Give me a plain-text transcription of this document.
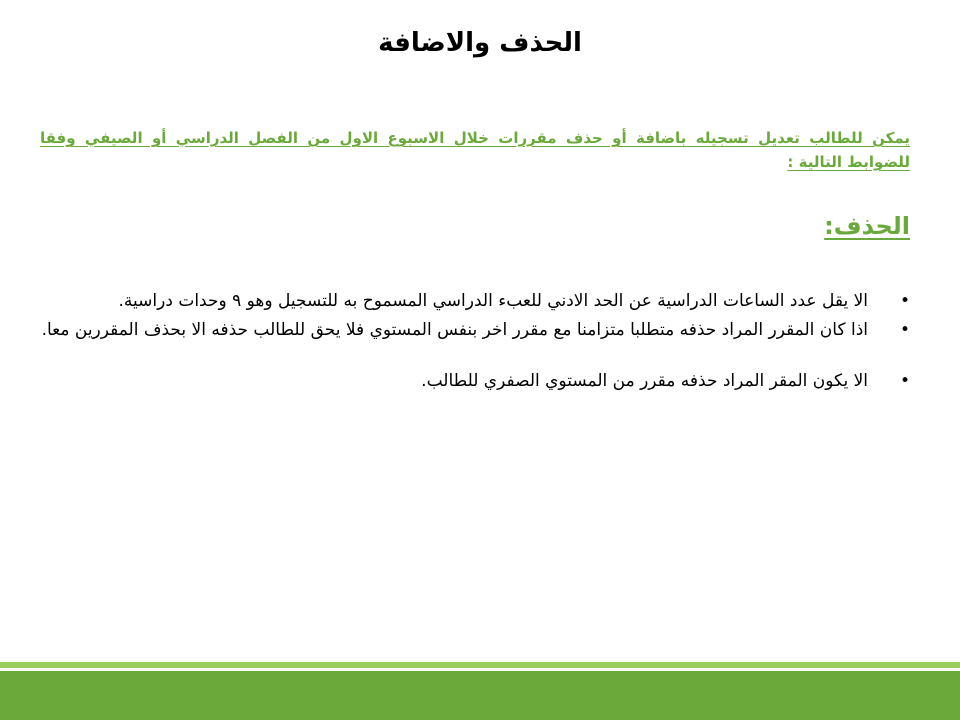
الحذف والاضافة
يمكن للطالب تعديل تسجيله باضافة أو حذف مقررات خلال الاسبوع الاول من الفصل الدراسي أو الصيفي وفقا للضوابط التالية :
الحذف:
•
الا يقل عدد الساعات الدراسية عن الحد الادني للعبء الدراسي المسموح به للتسجيل وهو ٩ وحدات دراسية.
•
اذا كان المقرر المراد حذفه متطلبا متزامنا مع مقرر اخر بنفس المستوي فلا يحق للطالب حذفه الا بحذف المقررين معا.
•
الا يكون المقر المراد حذفه مقرر من المستوي الصفري للطالب.
